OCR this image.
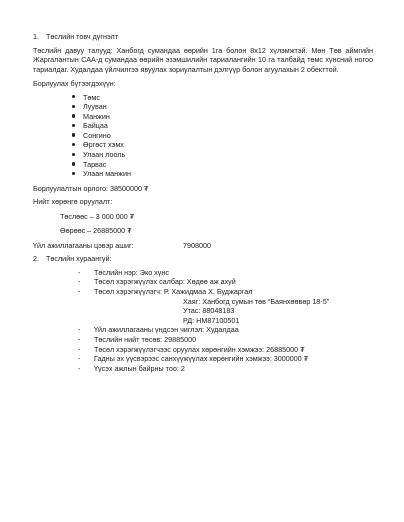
1. Төслийн товч дүгнэлт

Төслийн давуу талууд: Ханбогд сумандаа өөрийн 1га болон 8х12 хүлэмжтэй. Мөн Төв аймгийн Жаргалантын САА-д сумандаа өөрийн эзэмшилийн тариалангийн 10 га талбайд төмс хүнсний ногоо тариалдаг. Худалдаа үйлчилгээ явуулах зориулалтын дэлгүүр болон агуулахын 2 обекттой.

Борлуулах бүтээгдэхүүн:
Төмс
Лууван
Манжин
Байцаа
Сонгино
Өргөст хэмх
Улаан лооль
Тарвас
Улаан манжин
Борлуулалтын орлого: 38500000 ₮
Нийт хөрөнгө оруулалт:
Төслөөс – 3 000 000 ₮
Өөрөөс – 26885000 ₮
Үйл ажиллагааны цэвэр ашиг:	7908000
2. Төслийн хураангуй:
- Төслийн нэр: Эко хүнс
- Төсөл хэрэгжүүлэх салбар: Хөдөө аж ахуй
- Төсөл хэрэгжүүлэгч: Р. Хажидмаа Х. Буджаргал
Хаяг: Ханбогд сумын төв “Баянхөөвөр 18-5”
Утас: 88048183
РД: НМ87100501
- Үйл ажиллагааны үндсэн чиглэл: Худалдаа
- Төслийн нийт төсөв: 29885000
- Төсөл хэрэгжүүлэгчээс оруулах хөрөнгийн хэмжээ: 26885000 ₮
- Гадны эх үүсвэрээс санхүүжүүлах хөрөнгийн хэмжээ: 3000000 ₮
- Үүсэх ажлын байрны тоо: 2
